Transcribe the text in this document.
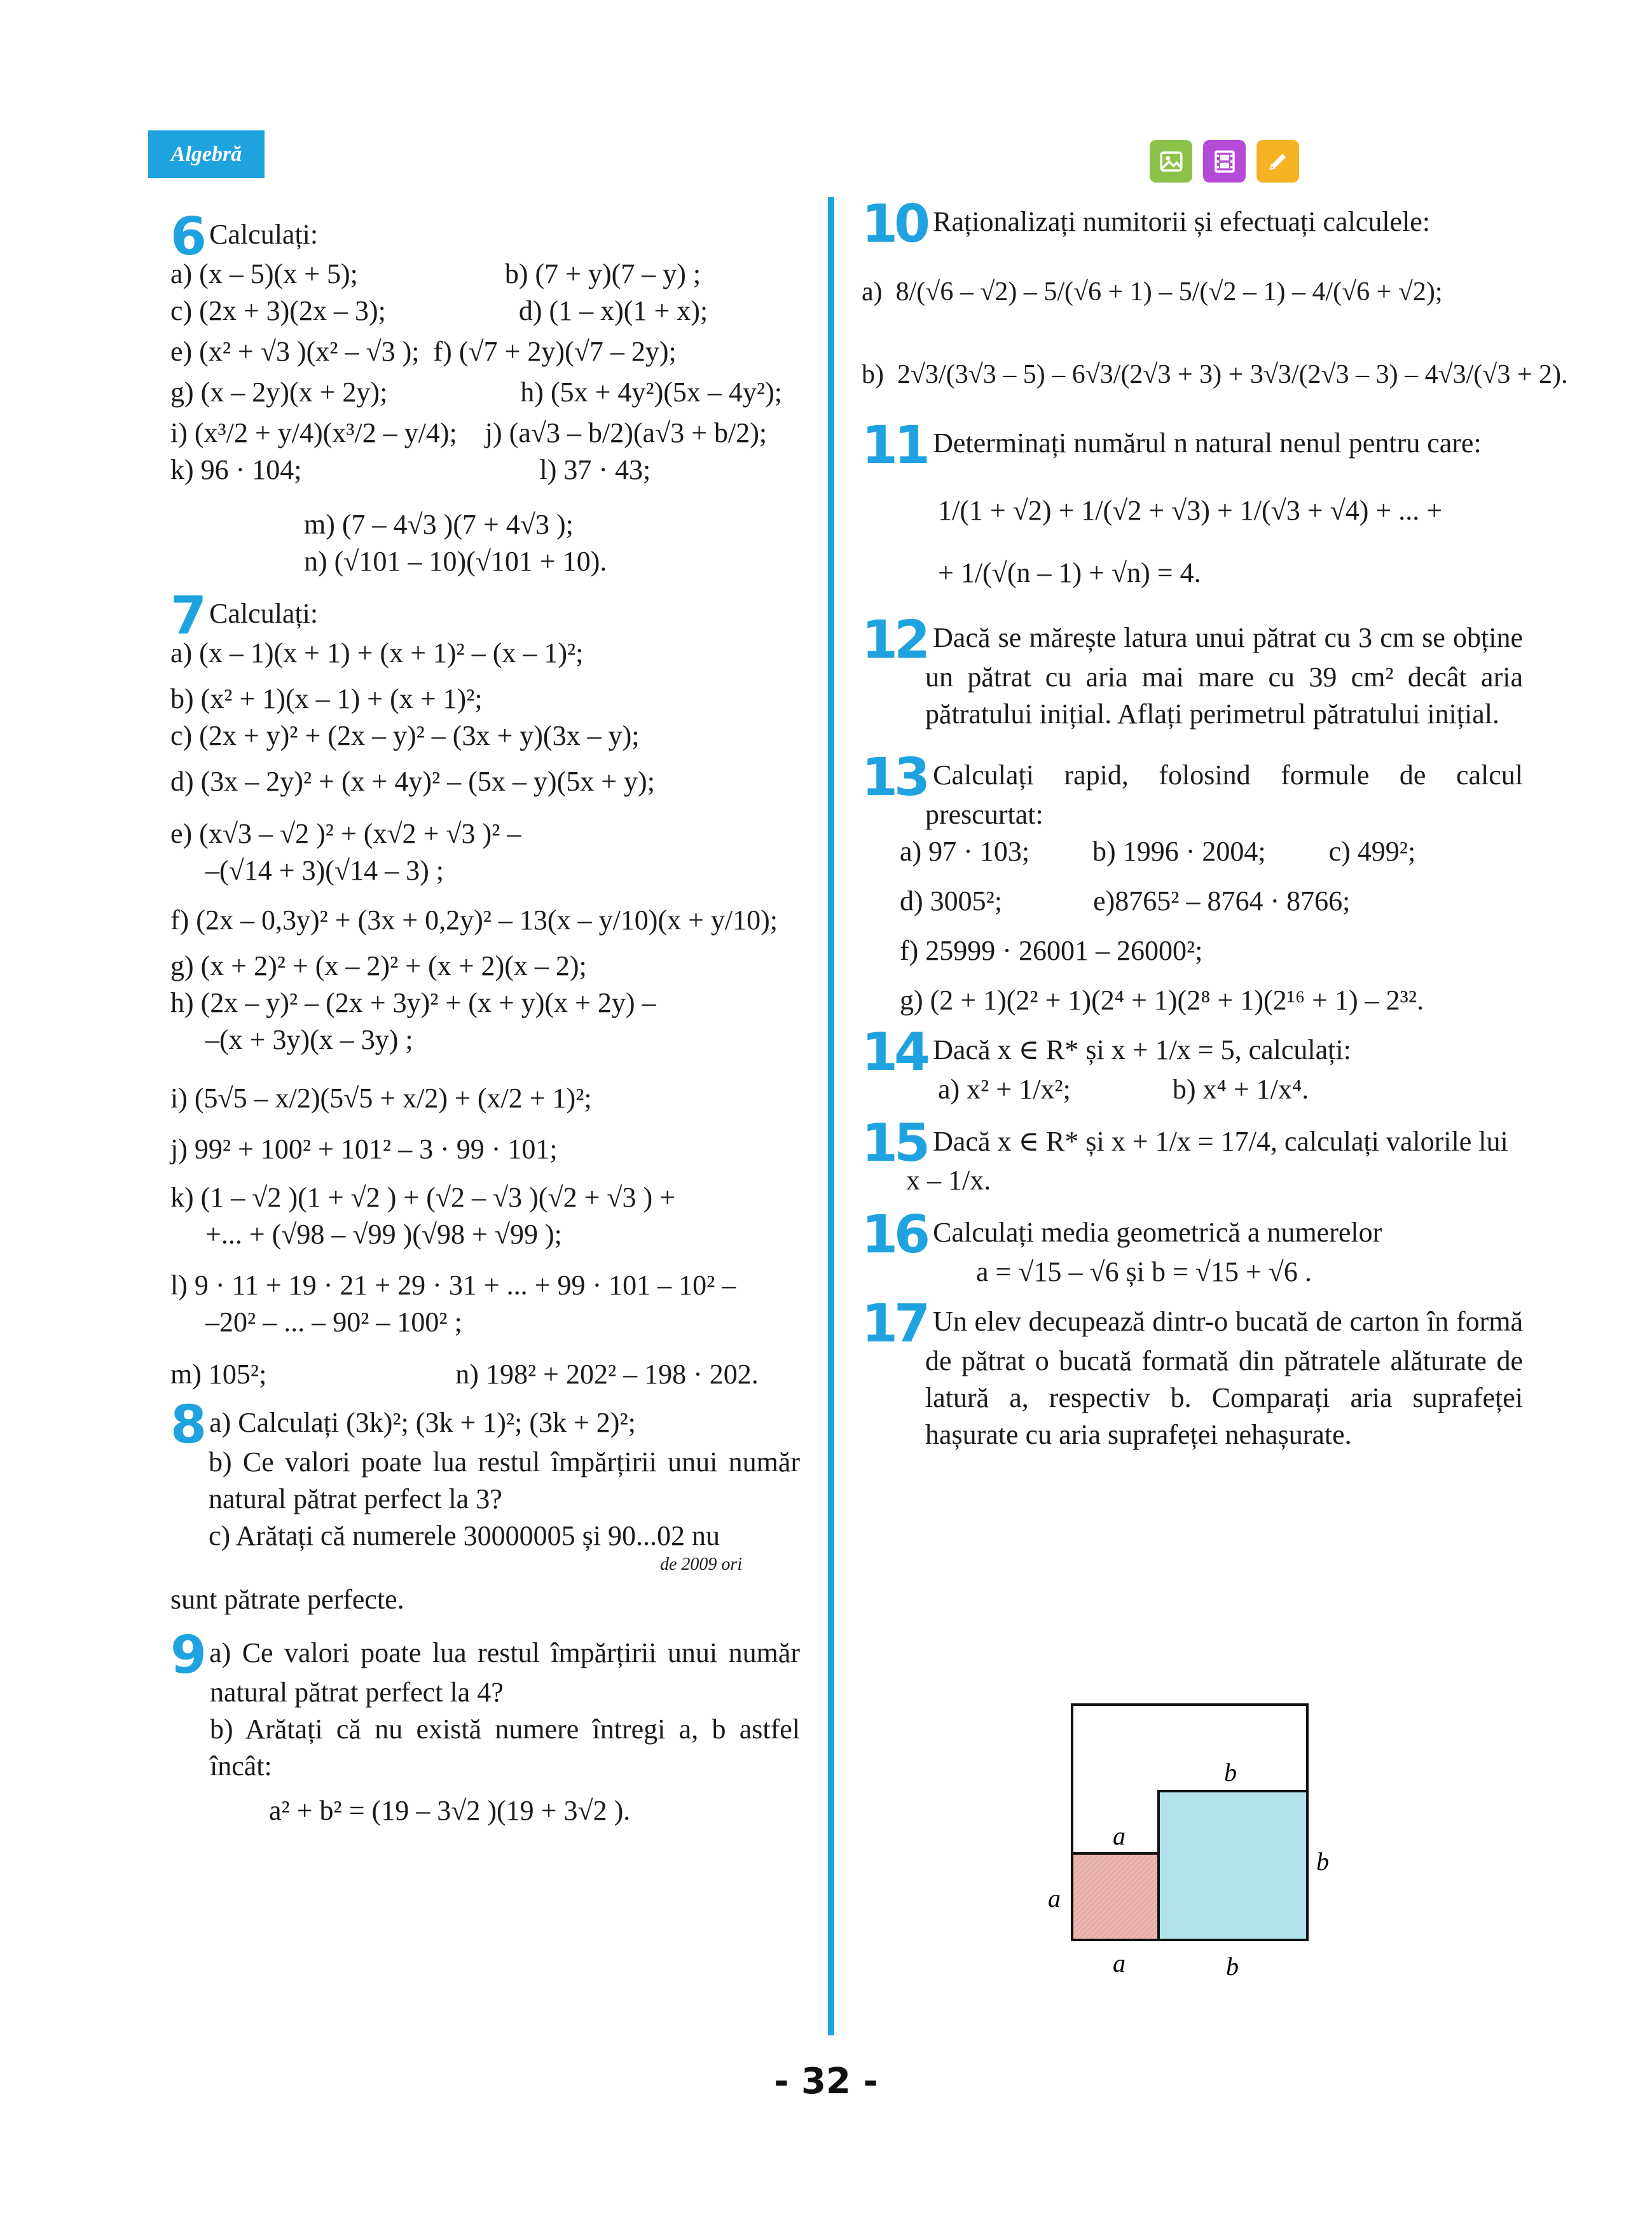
Algebră

6 Calculați:

a) (x – 5)(x + 5);                     b) (7 + y)(7 – y) ;

c) (2x + 3)(2x – 3);                   d) (1 – x)(1 + x);

e) (x² + √3 )(x² – √3 );  f) (√7 + 2y)(√7 – 2y);

g) (x – 2y)(x + 2y);                   h) (5x + 4y²)(5x – 4y²);

i) (x³/2 + y/4)(x³/2 – y/4);    j) (a√3 – b/2)(a√3 + b/2);

k) 96 · 104;                                  l) 37 · 43;

m) (7 – 4√3 )(7 + 4√3 );

n) (√101 – 10)(√101 + 10).

7 Calculați:

a) (x – 1)(x + 1) + (x + 1)² – (x – 1)²;

b) (x² + 1)(x – 1) + (x + 1)²;

c) (2x + y)² + (2x – y)² – (3x + y)(3x – y);

d) (3x – 2y)² + (x + 4y)² – (5x – y)(5x + y);

e) (x√3 – √2 )² + (x√2 + √3 )² –

–(√14 + 3)(√14 – 3) ;

f) (2x – 0,3y)² + (3x + 0,2y)² – 13(x – y/10)(x + y/10);

g) (x + 2)² + (x – 2)² + (x + 2)(x – 2);

h) (2x – y)² – (2x + 3y)² + (x + y)(x + 2y) –

–(x + 3y)(x – 3y) ;

i) (5√5 – x/2)(5√5 + x/2) + (x/2 + 1)²;

j) 99² + 100² + 101² – 3 · 99 · 101;

k) (1 – √2 )(1 + √2 ) + (√2 – √3 )(√2 + √3 ) +

+... + (√98 – √99 )(√98 + √99 );

l) 9 · 11 + 19 · 21 + 29 · 31 + ... + 99 · 101 – 10² –

–20² – ... – 90² – 100² ;

m) 105²;                           n) 198² + 202² – 198 · 202.

8 a) Calculați (3k)²; (3k + 1)²; (3k + 2)²;

b) Ce valori poate lua restul împărțirii unui număr natural pătrat perfect la 3?

c) Arătați că numerele 30000005 și 90...02 nu

de 2009 ori

sunt pătrate perfecte.

9 a) Ce valori poate lua restul împărțirii unui număr natural pătrat perfect la 4?

b) Arătați că nu există numere întregi a, b astfel încât:

a² + b² = (19 – 3√2 )(19 + 3√2 ).

10 Raționalizați numitorii și efectuați calculele:

a)  8/(√6 – √2) – 5/(√6 + 1) – 5/(√2 – 1) – 4/(√6 + √2);

b)  2√3/(3√3 – 5) – 6√3/(2√3 + 3) + 3√3/(2√3 – 3) – 4√3/(√3 + 2).

11 Determinați numărul n natural nenul pentru care:

1/(1 + √2) + 1/(√2 + √3) + 1/(√3 + √4) + ... +

+ 1/(√(n – 1) + √n) = 4.

12 Dacă se mărește latura unui pătrat cu 3 cm se obține un pătrat cu aria mai mare cu 39 cm² decât aria pătratului inițial. Aflați perimetrul pătratului inițial.

13 Calculați rapid, folosind formule de calcul prescurtat:

a) 97 · 103;         b) 1996 · 2004;         c) 499²;

d) 3005²;             e)8765² – 8764 · 8766;

f) 25999 · 26001 – 26000²;

g) (2 + 1)(2² + 1)(2⁴ + 1)(2⁸ + 1)(2¹⁶ + 1) – 2³².

14 Dacă x ∈ R* și x + 1/x = 5, calculați:

a) x² + 1/x²;	b) x⁴ + 1/x⁴.

15 Dacă x ∈ R* și x + 1/x = 17/4, calculați valorile lui

x – 1/x.

16 Calculați media geometrică a numerelor

a = √15 – √6 și b = √15 + √6 .

17 Un elev decupează dintr-o bucată de carton în formă de pătrat o bucată formată din pătratele alăturate de latură a, respectiv b. Comparați aria suprafeței hașurate cu aria suprafeței nehașurate.

a
b
a
b
a	b
- 32 -
